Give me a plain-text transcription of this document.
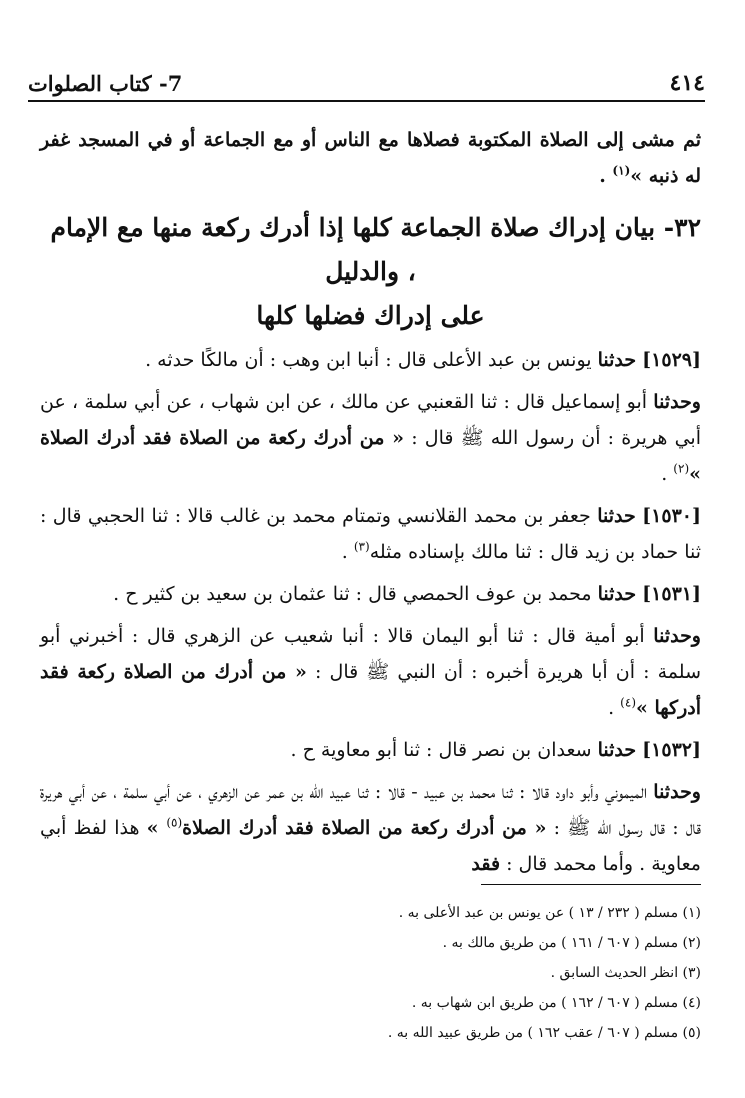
٤١٤
7- كتاب الصلوات

ثم مشى إلى الصلاة المكتوبة فصلاها مع الناس أو مع الجماعة أو في المسجد غفر له ذنبه »$^{(١)}$ .

٣٢- بيان إدراك صلاة الجماعة كلها إذا أدرك ركعة منها مع الإمام ، والدليل
على إدراك فضلها كلها

[١٥٢٩] حدثنا يونس بن عبد الأعلى قال : أنبا ابن وهب : أن مالكًا حدثه .

وحدثنا أبو إسماعيل قال : ثنا القعنبي عن مالك ، عن ابن شهاب ، عن أبي سلمة ، عن أبي هريرة : أن رسول الله ﷺ قال : « من أدرك ركعة من الصلاة فقد أدرك الصلاة »$^{(٢)}$ .

[١٥٣٠] حدثنا جعفر بن محمد القلانسي وتمتام محمد بن غالب قالا : ثنا الحجبي قال : ثنا حماد بن زيد قال : ثنا مالك بإسناده مثله$^{(٣)}$ .

[١٥٣١] حدثنا محمد بن عوف الحمصي قال : ثنا عثمان بن سعيد بن كثير ح .

وحدثنا أبو أمية قال : ثنا أبو اليمان قالا : أنبا شعيب عن الزهري قال : أخبرني أبو سلمة : أن أبا هريرة أخبره : أن النبي ﷺ قال : « من أدرك من الصلاة ركعة فقد أدركها »$^{(٤)}$ .

[١٥٣٢] حدثنا سعدان بن نصر قال : ثنا أبو معاوية ح .

وحدثنا الميموني وأبو داود قالا : ثنا محمد بن عبيد - قالا : ثنا عبيد الله بن عمر عن الزهري ، عن أبي سلمة ، عن أبي هريرة قال : قال رسول الله ﷺ : « من أدرك ركعة من الصلاة فقد أدرك الصلاة$^{(٥)}$ » هذا لفظ أبي معاوية . وأما محمد قال : فقد

(١) مسلم ( ٢٣٢ / ١٣ ) عن يونس بن عبد الأعلى به .
(٢) مسلم ( ٦٠٧ / ١٦١ ) من طريق مالك به .
(٣) انظر الحديث السابق .
(٤) مسلم ( ٦٠٧ / ١٦٢ ) من طريق ابن شهاب به .
(٥) مسلم ( ٦٠٧ / عقب ١٦٢ ) من طريق عبيد الله به .
